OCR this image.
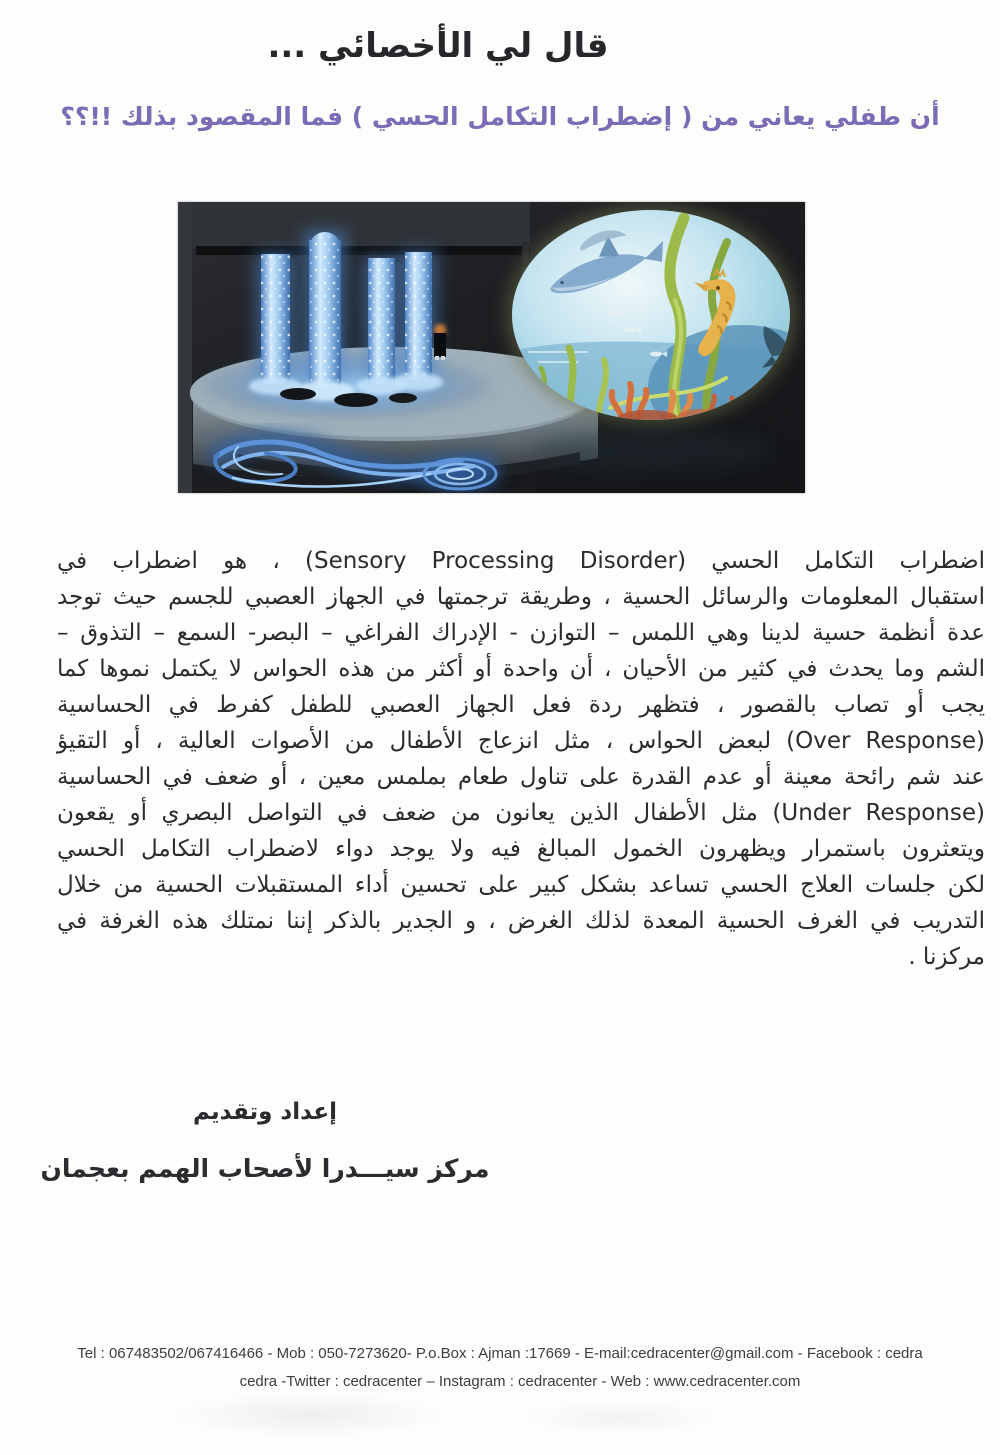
قال لي الأخصائي ...
أن طفلي يعاني من ( إضطراب التكامل الحسي ) فما المقصود بذلك !!؟؟
اضطراب التكامل الحسي (Sensory Processing Disorder) ، هو اضطراب في
استقبال المعلومات والرسائل الحسية ، وطريقة ترجمتها في الجهاز العصبي للجسم حيث توجد
عدة أنظمة حسية لدينا وهي اللمس – التوازن - الإدراك الفراغي – البصر- السمع – التذوق –
الشم وما يحدث في كثير من الأحيان ، أن واحدة أو أكثر من هذه الحواس لا يكتمل نموها كما
يجب أو تصاب بالقصور ، فتظهر ردة فعل الجهاز العصبي للطفل كفرط في الحساسية
(Over Response) لبعض الحواس ، مثل انزعاج الأطفال من الأصوات العالية ، أو التقيؤ
عند شم رائحة معينة أو عدم القدرة على تناول طعام بملمس معين ، أو ضعف في الحساسية
(Under Response) مثل الأطفال الذين يعانون من ضعف في التواصل البصري أو يقعون
ويتعثرون باستمرار ويظهرون الخمول المبالغ فيه ولا يوجد دواء لاضطراب التكامل الحسي
لكن جلسات العلاج الحسي تساعد بشكل كبير على تحسين أداء المستقبلات الحسية من خلال
التدريب في الغرف الحسية المعدة لذلك الغرض ، و الجدير بالذكر إننا نمتلك هذه الغرفة في
مركزنا .
إعداد وتقديم
مركز سيـــدرا لأصحاب الهمم بعجمان
Tel : 067483502/067416466 - Mob : 050-7273620- P.o.Box : Ajman :17669 - E-mail:cedracenter@gmail.com - Facebook : cedra
cedra -Twitter : cedracenter – Instagram : cedracenter - Web : www.cedracenter.com
